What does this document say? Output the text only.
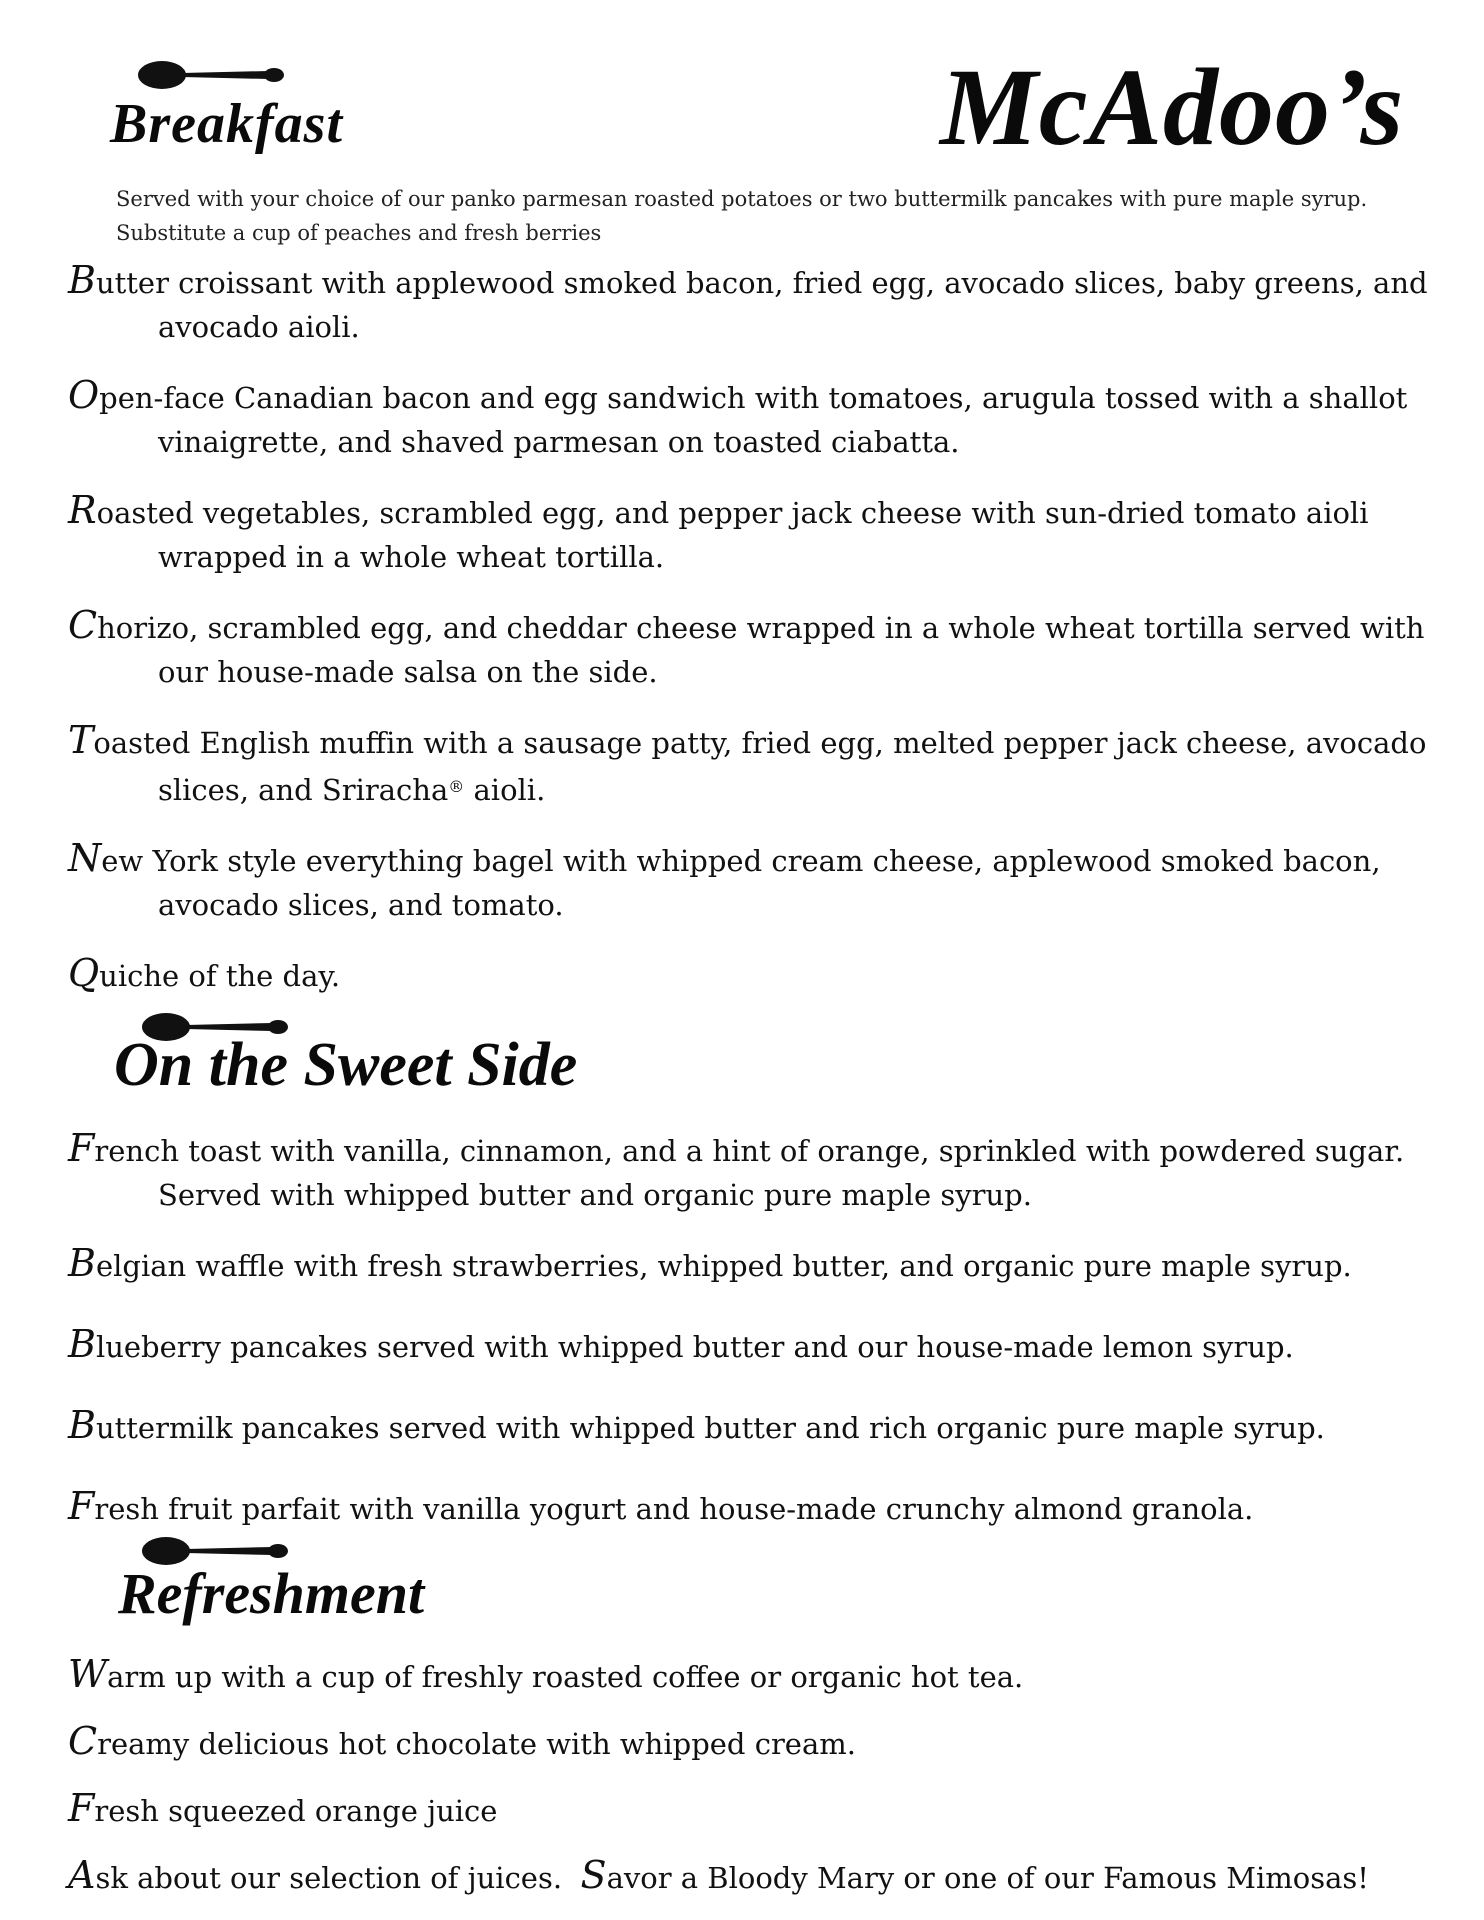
Breakfast	McAdoo’s

Served with your choice of our panko parmesan roasted potatoes or two buttermilk pancakes with pure maple syrup.

Substitute a cup of peaches and fresh berries

Butter croissant with applewood smoked bacon, fried egg, avocado slices, baby greens, and avocado aioli.

Open-face Canadian bacon and egg sandwich with tomatoes, arugula tossed with a shallot vinaigrette, and shaved parmesan on toasted ciabatta.

Roasted vegetables, scrambled egg, and pepper jack cheese with sun-dried tomato aioli wrapped in a whole wheat tortilla.

Chorizo, scrambled egg, and cheddar cheese wrapped in a whole wheat tortilla served with our house-made salsa on the side.

Toasted English muffin with a sausage patty, fried egg, melted pepper jack cheese, avocado slices, and Sriracha® aioli.

New York style everything bagel with whipped cream cheese, applewood smoked bacon, avocado slices, and tomato.

Quiche of the day.

On the Sweet Side

French toast with vanilla, cinnamon, and a hint of orange, sprinkled with powdered sugar. Served with whipped butter and organic pure maple syrup.

Belgian waffle with fresh strawberries, whipped butter, and organic pure maple syrup.

Blueberry pancakes served with whipped butter and our house-made lemon syrup.

Buttermilk pancakes served with whipped butter and rich organic pure maple syrup.

Fresh fruit parfait with vanilla yogurt and house-made crunchy almond granola.

Refreshment

Warm up with a cup of freshly roasted coffee or organic hot tea.

Creamy delicious hot chocolate with whipped cream.

Fresh squeezed orange juice

Ask about our selection of juices.  Savor a Bloody Mary or one of our Famous Mimosas!
